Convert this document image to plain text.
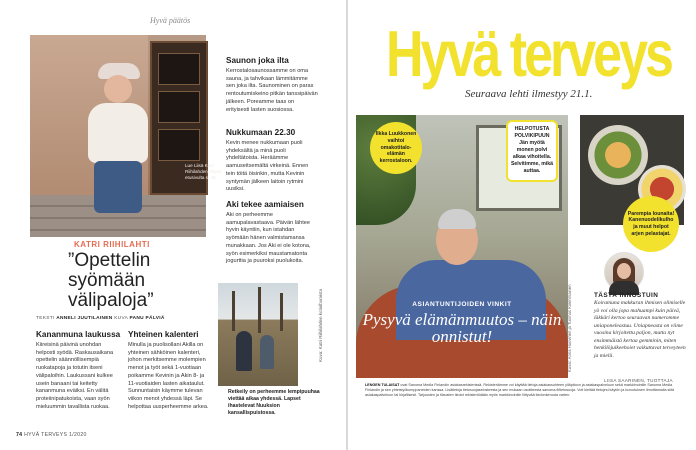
Hyvä päätös
Lue Liisä Katri Riihilahden ohjeet etusivulta s. 46.
KATRI RIIHILAHTI
”Opettelin syömään välipaloja”
TEKSTI ANNELI JUUTILAINEN KUVA PANU PÄLVIÄ
Kananmuna laukussa
Kiireisinä päivinä unohdan helposti syödä. Raskausaikana opettelin säännöllisempiä ruokatapoja ja totutin itseni välipaloihin. Laukussani kulkee usein banaani tai keitetty kananmuna eväiksi. En välitä proteiinipatukoista, vaan syön mieluummin tavallista ruokaa.
Yhteinen kalenteri
Minulla ja puolisollani Akilla on yhteinen sähköinen kalenteri, johon merkitsemme molempien menot ja työt sekä 1-vuotiaan poikamme Kevinin ja Akin 8- ja 11-vuotiaiden lasten aikataulut. Sunnuntaisin käymme tulevan viikon menot yhdessä läpi. Se helpottaa uusperheemme arkea.
Saunon joka ilta
Kerrostalosaunossamme on oma sauna, ja tahvikaan lämmitämme sen joka ilta. Saunominen on paras rentoutumiskeino pitkän tanssipäivän jälkeen. Poreamme taas on erityisesti lasten suosiossa.
Nukkumaan 22.30
Kevin menee nukkumaan puoli yhdeksältä ja minä puoli yhdeltätoista. Heräämme aamuseitsemältä virkeinä. Ennen tein töitä öisinkin, mutta Kevinin syntymän jälkeen laitoin rytmini uusiksi.
Aki tekee aamiaisen
Aki on perheemme aamupalavastaava. Päivän lähtee hyvin käyntiin, kun istahdan syömään hänen valmistamansa munakkaan. Jos Aki ei ole kotona, syön esimerkiksi maustamatonta jogurttia ja puuroksi puolukoita.
Retkeily on perheemme lempipuuhaa viettää aikaa yhdessä. Lapset ihastelevat Nuuksion kansallispuistossa.
Kuva: Katri Riihilahden kotialbumista
74 HYVÄ TERVEYS 1/2020
Hyvä terveys
Seuraava lehti ilmestyy 21.1.
Kuvat: Anna Huovinen ja Tuomas Kolehmainen
ASIANTUNTIJOIDEN VINKIT
Pysyvä elämänmuutos – näin onnistut!
Ilkka Luukkonen vaihtoi omakotitalo-elämän kerrostaloon.
HELPOTUSTA POLVIKIPUUN Jän myötä monen polvi alkaa vihoitella. Selvitimme, mikä auttaa.
Parempia lounaita! Kanenuodelikulho ja muut helpot arjen pelastajat.
TÄSTÄ INNOSTUIN
Koiramuna makkuran ihmisen olimiselle yö voi olla jopa mahuampi kuin päivä, läkkäri kertoo seuraavan numeromme uniaponeleastuu. Uniapneasta on viime vuosina kirjoitettu paljon, mutta nyt ensimmäistä kertaa gemminin, miten henkilöjulkeehoiet vaikuttavat terveyteen ja mielii.
LIISA SAARINEN, TUOTTAJA
LENGEN TULAISAT ovat Sanoma Media Finlandin asiakasrekisterissä. Rekisteriämme voi käyttää tietoja asiakassuhteen ylläpitoon ja asiakaspalveluun sekä markkinointiin Sanoma Media Finlandin ja sen yhteistyökumppaneiden kanssa. Lisätietoja tietosuojaselosteesta ja sen mukaan osoitteesta sanoma.fi/tietosuoja. Voit kieltää tietojesi käytön ja luovutuksen ilmoittamalla siitä asiakaspalveluun tai kirjallisesti. Tarjousten ja tilausten tiedot rekisteröidään myös markkinointiin liittyvää tiedonkeruuta varten.
